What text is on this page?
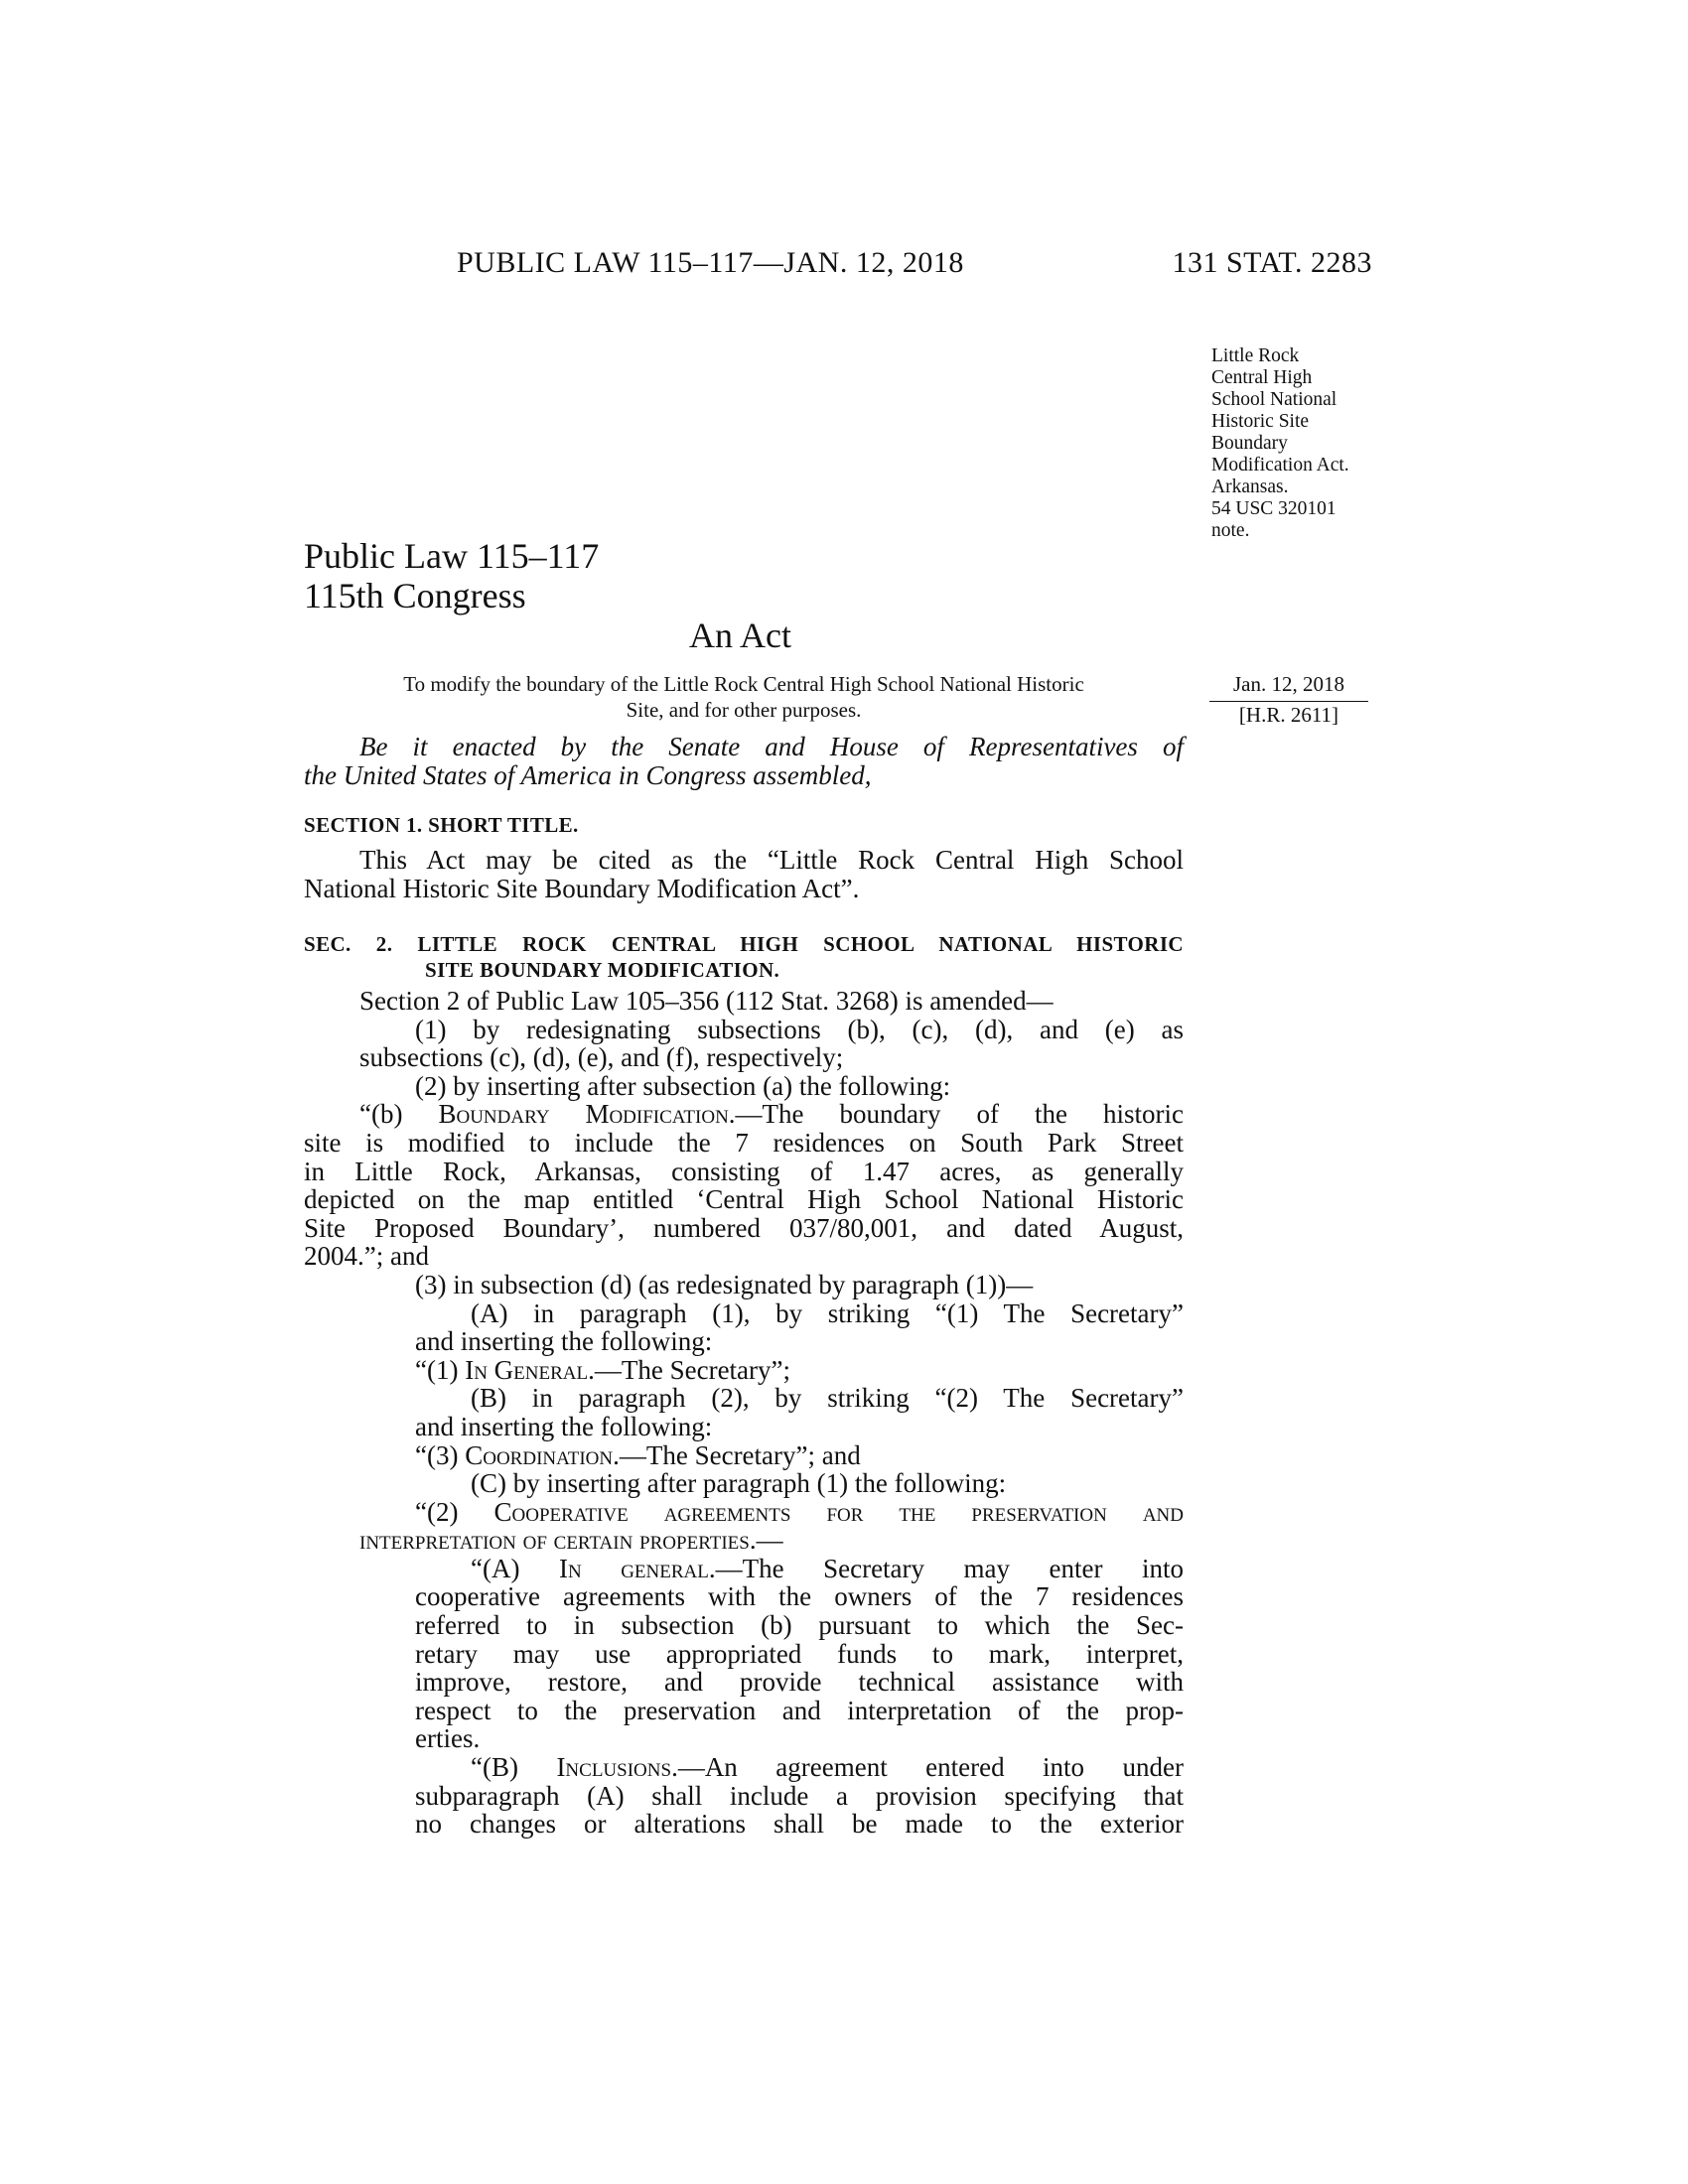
PUBLIC LAW 115–117—JAN. 12, 2018	131 STAT. 2283
Public Law 115–117
115th Congress
An Act
To modify the boundary of the Little Rock Central High School National Historic
Site, and for other purposes.
Jan. 12, 2018
[H.R. 2611]
Little Rock
Central High
School National
Historic Site
Boundary
Modification Act.
Arkansas.
54 USC 320101
note.
Be it enacted by the Senate and House of Representatives of
the United States of America in Congress assembled,
SECTION 1. SHORT TITLE.
This Act may be cited as the “Little Rock Central High School
National Historic Site Boundary Modification Act”.
SEC. 2. LITTLE ROCK CENTRAL HIGH SCHOOL NATIONAL HISTORIC
SITE BOUNDARY MODIFICATION.
Section 2 of Public Law 105–356 (112 Stat. 3268) is amended—
(1) by redesignating subsections (b), (c), (d), and (e) as
subsections (c), (d), (e), and (f), respectively;
(2) by inserting after subsection (a) the following:
“(b) Boundary Modification.—The boundary of the historic
site is modified to include the 7 residences on South Park Street
in Little Rock, Arkansas, consisting of 1.47 acres, as generally
depicted on the map entitled ‘Central High School National Historic
Site Proposed Boundary’, numbered 037/80,001, and dated August,
2004.”; and
(3) in subsection (d) (as redesignated by paragraph (1))—
(A) in paragraph (1), by striking “(1) The Secretary”
and inserting the following:
“(1) In General.—The Secretary”;
(B) in paragraph (2), by striking “(2) The Secretary”
and inserting the following:
“(3) Coordination.—The Secretary”; and
(C) by inserting after paragraph (1) the following:
“(2) Cooperative agreements for the preservation and
interpretation of certain properties.—
“(A) In general.—The Secretary may enter into
cooperative agreements with the owners of the 7 residences
referred to in subsection (b) pursuant to which the Sec-
retary may use appropriated funds to mark, interpret,
improve, restore, and provide technical assistance with
respect to the preservation and interpretation of the prop-
erties.
“(B) Inclusions.—An agreement entered into under
subparagraph (A) shall include a provision specifying that
no changes or alterations shall be made to the exterior
